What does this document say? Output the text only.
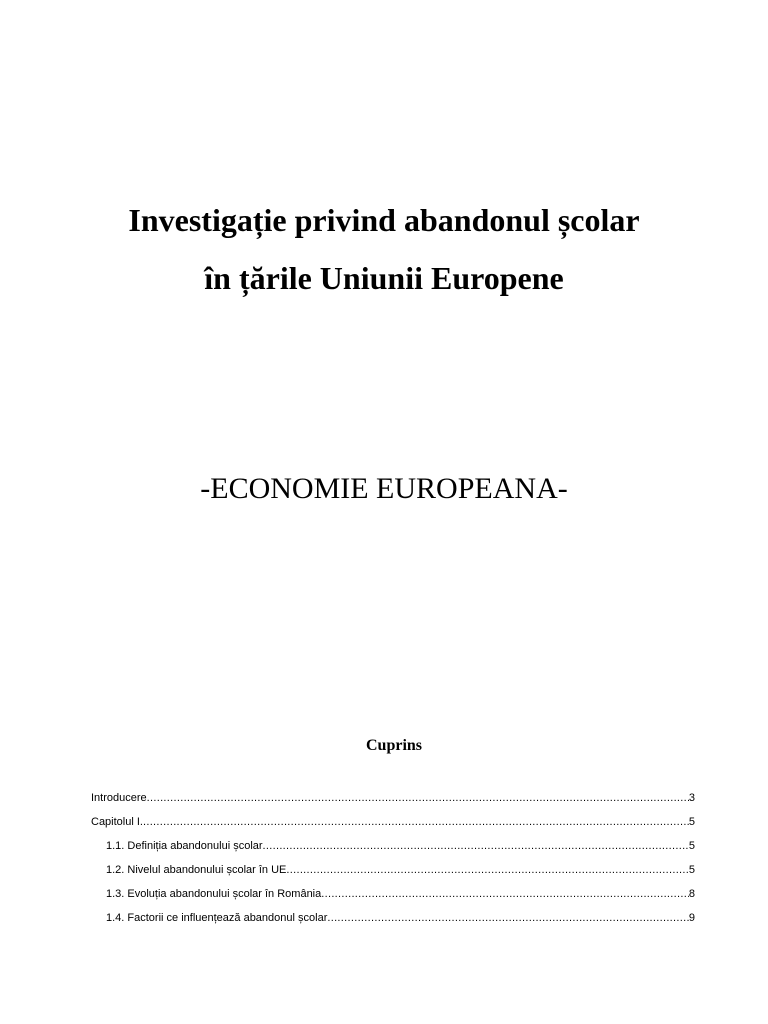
Investigație privind abandonul școlar
în țările Uniunii Europene
-ECONOMIE EUROPEANA-
Cuprins
Introducere .....	3
Capitolul I. .....	5
1.1. Definiția abandonului școlar .....	5
1.2. Nivelul abandonului școlar în UE .....	5
1.3. Evoluția abandonului școlar în România .....	8
1.4. Factorii ce influențează abandonul școlar .....	9
